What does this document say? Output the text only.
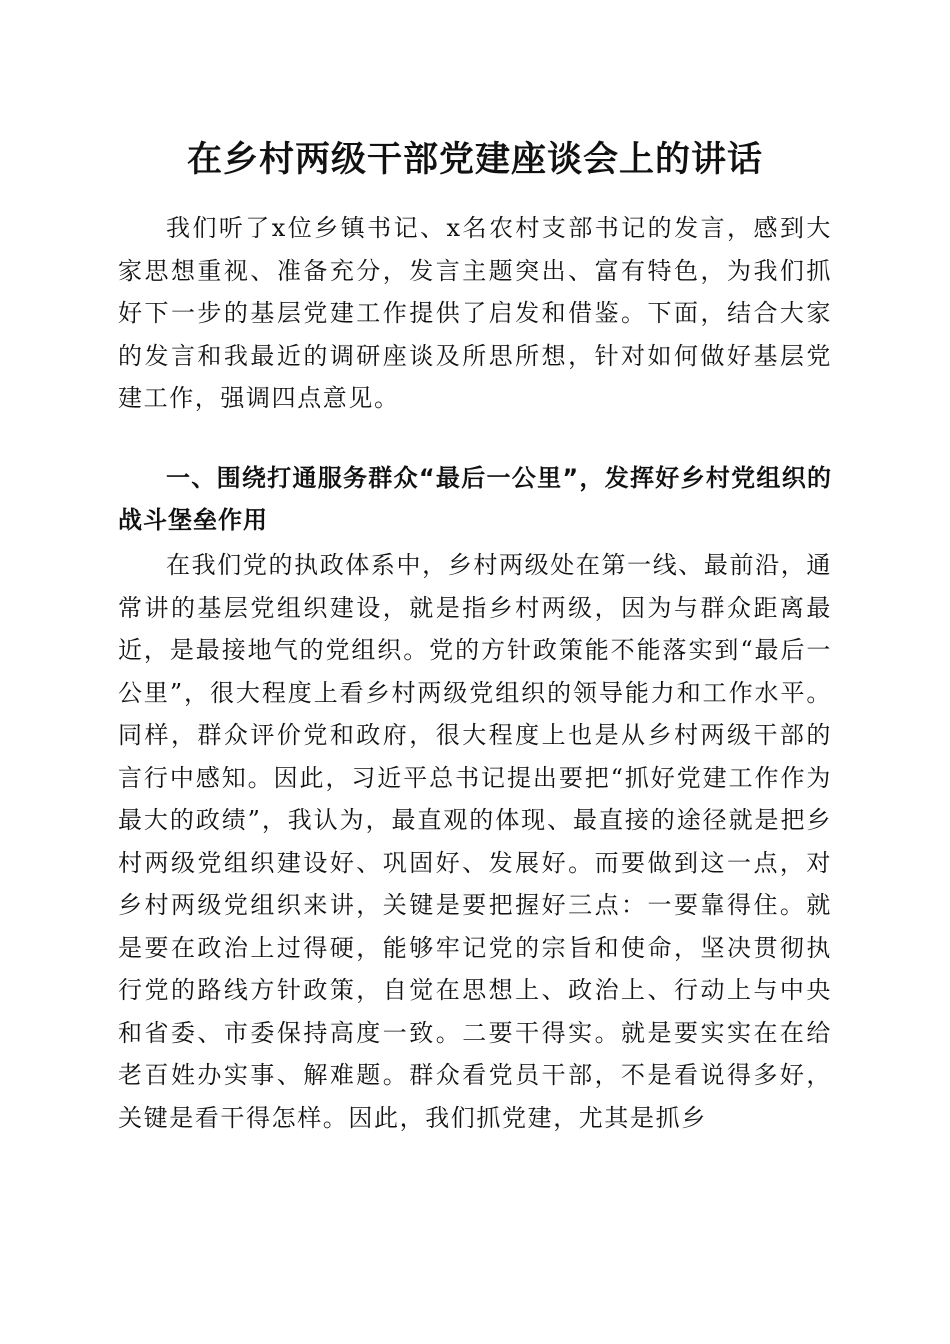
在乡村两级干部党建座谈会上的讲话

我们听了x位乡镇书记、x名农村支部书记的发言，感到大家思想重视、准备充分，发言主题突出、富有特色，为我们抓好下一步的基层党建工作提供了启发和借鉴。下面，结合大家的发言和我最近的调研座谈及所思所想，针对如何做好基层党建工作，强调四点意见。

一、围绕打通服务群众“最后一公里”，发挥好乡村党组织的战斗堡垒作用

在我们党的执政体系中，乡村两级处在第一线、最前沿，通常讲的基层党组织建设，就是指乡村两级，因为与群众距离最近，是最接地气的党组织。党的方针政策能不能落实到“最后一公里”，很大程度上看乡村两级党组织的领导能力和工作水平。同样，群众评价党和政府，很大程度上也是从乡村两级干部的言行中感知。因此，习近平总书记提出要把“抓好党建工作作为最大的政绩”，我认为，最直观的体现、最直接的途径就是把乡村两级党组织建设好、巩固好、发展好。而要做到这一点，对乡村两级党组织来讲，关键是要把握好三点：一要靠得住。就是要在政治上过得硬，能够牢记党的宗旨和使命，坚决贯彻执行党的路线方针政策，自觉在思想上、政治上、行动上与中央和省委、市委保持高度一致。二要干得实。就是要实实在在给老百姓办实事、解难题。群众看党员干部，不是看说得多好，关键是看干得怎样。因此，我们抓党建，尤其是抓乡
